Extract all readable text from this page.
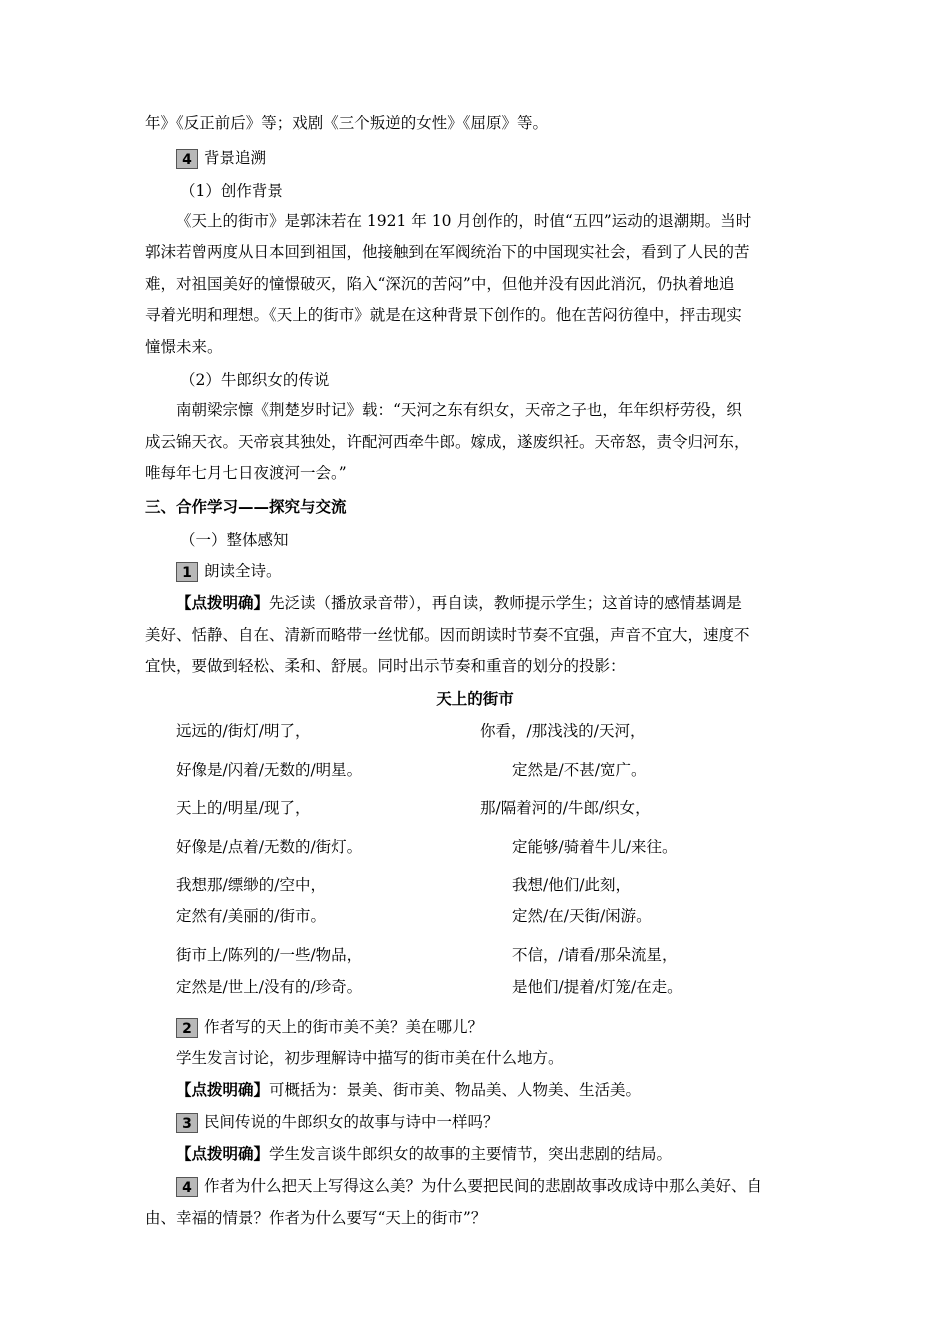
年》《反正前后》等；戏剧《三个叛逆的女性》《屈原》等。
4 背景追溯
（1）创作背景
《天上的街市》是郭沫若在 1921 年 10 月创作的，时值“五四”运动的退潮期。当时
郭沫若曾两度从日本回到祖国，他接触到在军阀统治下的中国现实社会，看到了人民的苦
难，对祖国美好的憧憬破灭，陷入“深沉的苦闷”中，但他并没有因此消沉，仍执着地追
寻着光明和理想。《天上的街市》就是在这种背景下创作的。他在苦闷彷徨中，抨击现实
憧憬未来。
（2）牛郎织女的传说
南朝梁宗懔《荆楚岁时记》载：“天河之东有织女，天帝之子也，年年织杼劳役，织
成云锦天衣。天帝哀其独处，许配河西牵牛郎。嫁成，遂废织衽。天帝怒，责令归河东，
唯每年七月七日夜渡河一会。”
三、合作学习——探究与交流
（一）整体感知
1 朗读全诗。
【点拨明确】先泛读（播放录音带），再自读，教师提示学生；这首诗的感情基调是
美好、恬静、自在、清新而略带一丝忧郁。因而朗读时节奏不宜强，声音不宜大，速度不
宜快，要做到轻松、柔和、舒展。同时出示节奏和重音的划分的投影：
天上的街市
远远的/街灯/明了，	你看，/那浅浅的/天河，
好像是/闪着/无数的/明星。	定然是/不甚/宽广。
天上的/明星/现了，	那/隔着河的/牛郎/织女，
好像是/点着/无数的/街灯。	定能够/骑着牛儿/来往。
我想那/缥缈的/空中，	我想/他们/此刻，
定然有/美丽的/街市。	定然/在/天街/闲游。
街市上/陈列的/一些/物品，	不信，/请看/那朵流星，
定然是/世上/没有的/珍奇。	是他们/提着/灯笼/在走。
2 作者写的天上的街市美不美？美在哪儿？
学生发言讨论，初步理解诗中描写的街市美在什么地方。
【点拨明确】可概括为：景美、街市美、物品美、人物美、生活美。
3 民间传说的牛郎织女的故事与诗中一样吗？
【点拨明确】学生发言谈牛郎织女的故事的主要情节，突出悲剧的结局。
4 作者为什么把天上写得这么美？为什么要把民间的悲剧故事改成诗中那么美好、自
由、幸福的情景？作者为什么要写“天上的街市”？
